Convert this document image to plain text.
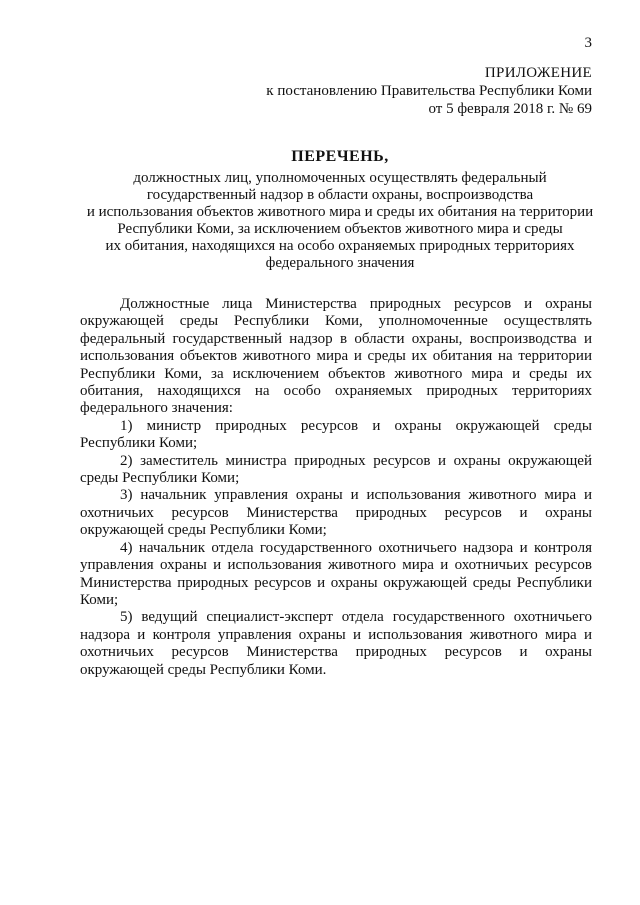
3
ПРИЛОЖЕНИЕ
к постановлению Правительства Республики Коми
от 5 февраля 2018 г. № 69
ПЕРЕЧЕНЬ,
должностных лиц, уполномоченных осуществлять федеральный
государственный надзор в области охраны, воспроизводства
и использования объектов животного мира и среды их обитания на территории
Республики Коми, за исключением объектов животного мира и среды
их обитания, находящихся на особо охраняемых природных территориях
федерального значения

Должностные лица Министерства природных ресурсов и охраны окружающей среды Республики Коми, уполномоченные осуществлять федеральный государственный надзор в области охраны, воспроизводства и использования объектов животного мира и среды их обитания на территории Республики Коми, за исключением объектов животного мира и среды их обитания, находящихся на особо охраняемых природных территориях федерального значения:

1) министр природных ресурсов и охраны окружающей среды Республики Коми;

2) заместитель министра природных ресурсов и охраны окружающей среды Республики Коми;

3) начальник управления охраны и использования животного мира и охотничьих ресурсов Министерства природных ресурсов и охраны окружающей среды Республики Коми;

4) начальник отдела государственного охотничьего надзора и контроля управления охраны и использования животного мира и охотничьих ресурсов Министерства природных ресурсов и охраны окружающей среды Республики Коми;

5) ведущий специалист-эксперт отдела государственного охотничьего надзора и контроля управления охраны и использования животного мира и охотничьих ресурсов Министерства природных ресурсов и охраны окружающей среды Республики Коми.
